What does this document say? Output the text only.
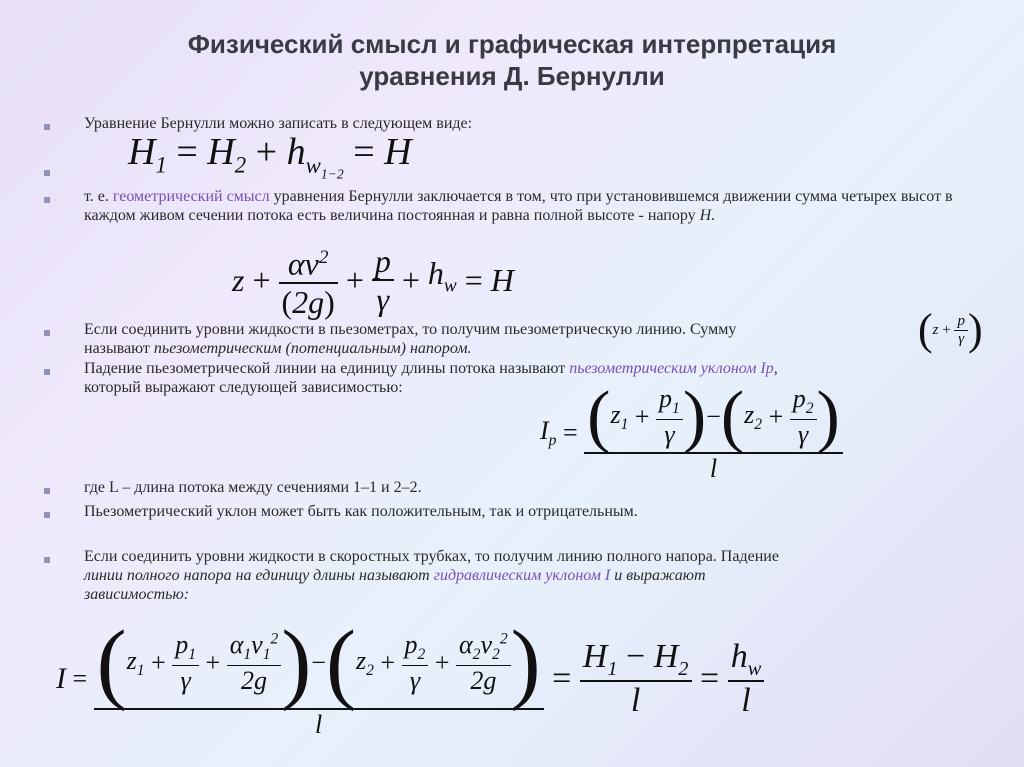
Физический смысл и графическая интерпретация
уравнения Д. Бернулли
Уравнение Бернулли можно записать в следующем виде:
$H_1 = H_2 + h_{w_{1-2}} = H$
т. е. геометрический смысл уравнения Бернулли заключается в том, что при установившемся движении сумма четырех высот в каждом живом сечении потока есть величина постоянная и равна полной высоте - напору Н.
$z + \frac{\alpha v^2}{(2g)} + \frac{p}{\gamma} + h_w = H$
Если соединить уровни жидкости в пьезометрах, то получим пьезометрическую линию. Сумму
называют пьезометрическим (потенциальным) напором.	( $z + \frac{p}{\gamma}$ )
Падение пьезометрической линии на единицу длины потока называют пьезометрическим уклоном Ip,
который выражают следующей зависимостью:
$I_p$ = ( $z_1 + \frac{p_1}{\gamma}$ ) − ( $z_2 + \frac{p_2}{\gamma}$ )
l
где L – длина потока между сечениями 1–1 и 2–2.
Пьезометрический уклон может быть как положительным, так и отрицательным.
Если соединить уровни жидкости в скоростных трубках, то получим линию полного напора. Падение
линии полного напора на единицу длины называют гидравлическим уклоном I и выражают
зависимостью:
I = ( $z_1 + \frac{p_1}{\gamma} + \frac{\alpha_1v_1^2}{2g}$ ) − ( $z_2 + \frac{p_2}{\gamma} + \frac{\alpha_2v_2^2}{2g}$ )
l
= $\frac{H_1 - H_2}{l} = \frac{h_w}{l}$
